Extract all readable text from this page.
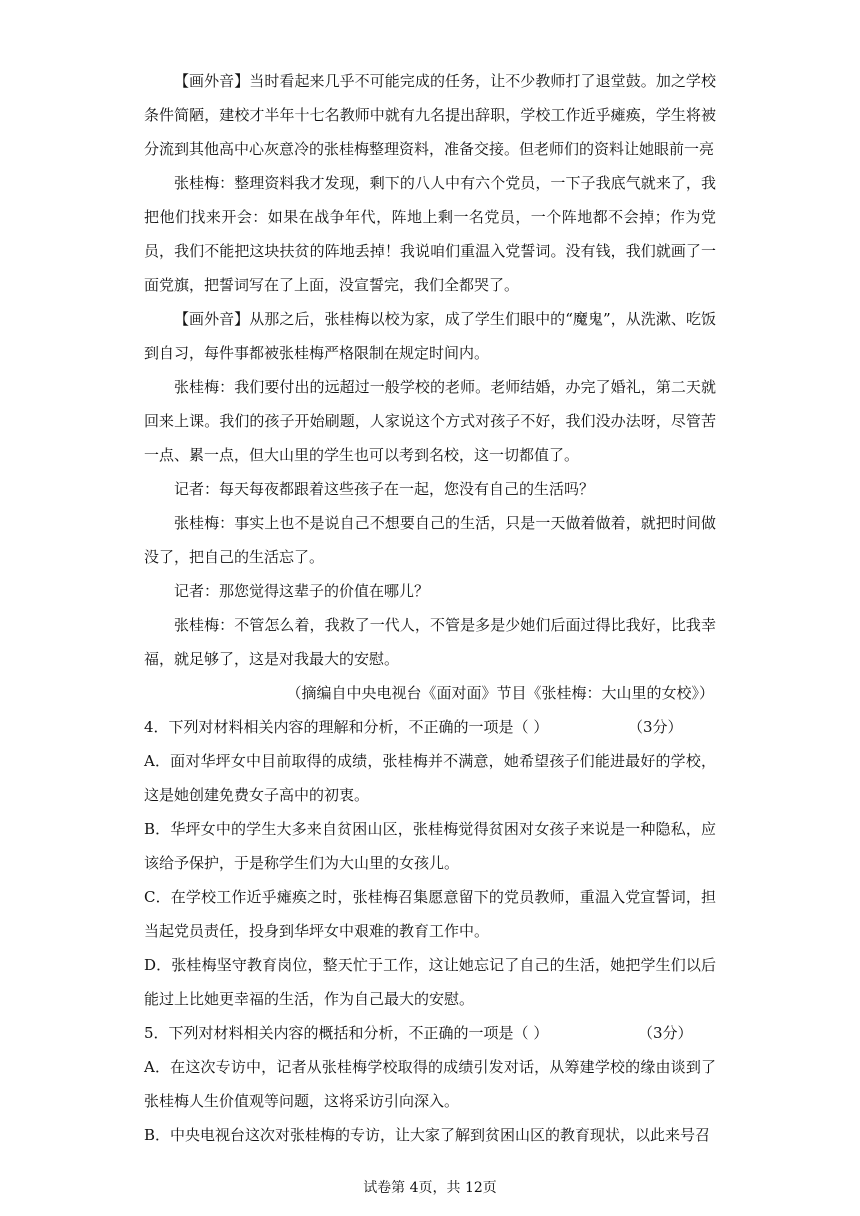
【画外音】当时看起来几乎不可能完成的任务，让不少教师打了退堂鼓。加之学校条件简陋，建校才半年十七名教师中就有九名提出辞职，学校工作近乎瘫痪，学生将被分流到其他高中心灰意冷的张桂梅整理资料，准备交接。但老师们的资料让她眼前一亮
张桂梅：整理资料我才发现，剩下的八人中有六个党员，一下子我底气就来了，我把他们找来开会：如果在战争年代，阵地上剩一名党员，一个阵地都不会掉；作为党员，我们不能把这块扶贫的阵地丢掉！我说咱们重温入党誓词。没有钱，我们就画了一面党旗，把誓词写在了上面，没宣誓完，我们全都哭了。
【画外音】从那之后，张桂梅以校为家，成了学生们眼中的“魔鬼”，从洗漱、吃饭到自习，每件事都被张桂梅严格限制在规定时间内。
张桂梅：我们要付出的远超过一般学校的老师。老师结婚，办完了婚礼，第二天就回来上课。我们的孩子开始刷题，人家说这个方式对孩子不好，我们没办法呀，尽管苦一点、累一点，但大山里的学生也可以考到名校，这一切都值了。
记者：每天每夜都跟着这些孩子在一起，您没有自己的生活吗？
张桂梅：事实上也不是说自己不想要自己的生活，只是一天做着做着，就把时间做没了，把自己的生活忘了。
记者：那您觉得这辈子的价值在哪儿？
张桂梅：不管怎么着，我救了一代人，不管是多是少她们后面过得比我好，比我幸福，就足够了，这是对我最大的安慰。
（摘编自中央电视台《面对面》节目《张桂梅：大山里的女校》）
4．下列对材料相关内容的理解和分析，不正确的一项是（ ）	（3分）
A．面对华坪女中目前取得的成绩，张桂梅并不满意，她希望孩子们能进最好的学校，这是她创建免费女子高中的初衷。
B．华坪女中的学生大多来自贫困山区，张桂梅觉得贫困对女孩子来说是一种隐私，应该给予保护，于是称学生们为大山里的女孩儿。
C．在学校工作近乎瘫痪之时，张桂梅召集愿意留下的党员教师，重温入党宣誓词，担当起党员责任，投身到华坪女中艰难的教育工作中。
D．张桂梅坚守教育岗位，整天忙于工作，这让她忘记了自己的生活，她把学生们以后能过上比她更幸福的生活，作为自己最大的安慰。
5．下列对材料相关内容的概括和分析，不正确的一项是（ ）	（3分）
A．在这次专访中，记者从张桂梅学校取得的成绩引发对话，从筹建学校的缘由谈到了张桂梅人生价值观等问题，这将采访引向深入。
B．中央电视台这次对张桂梅的专访，让大家了解到贫困山区的教育现状，以此来号召
试卷第 4页，共 12页
